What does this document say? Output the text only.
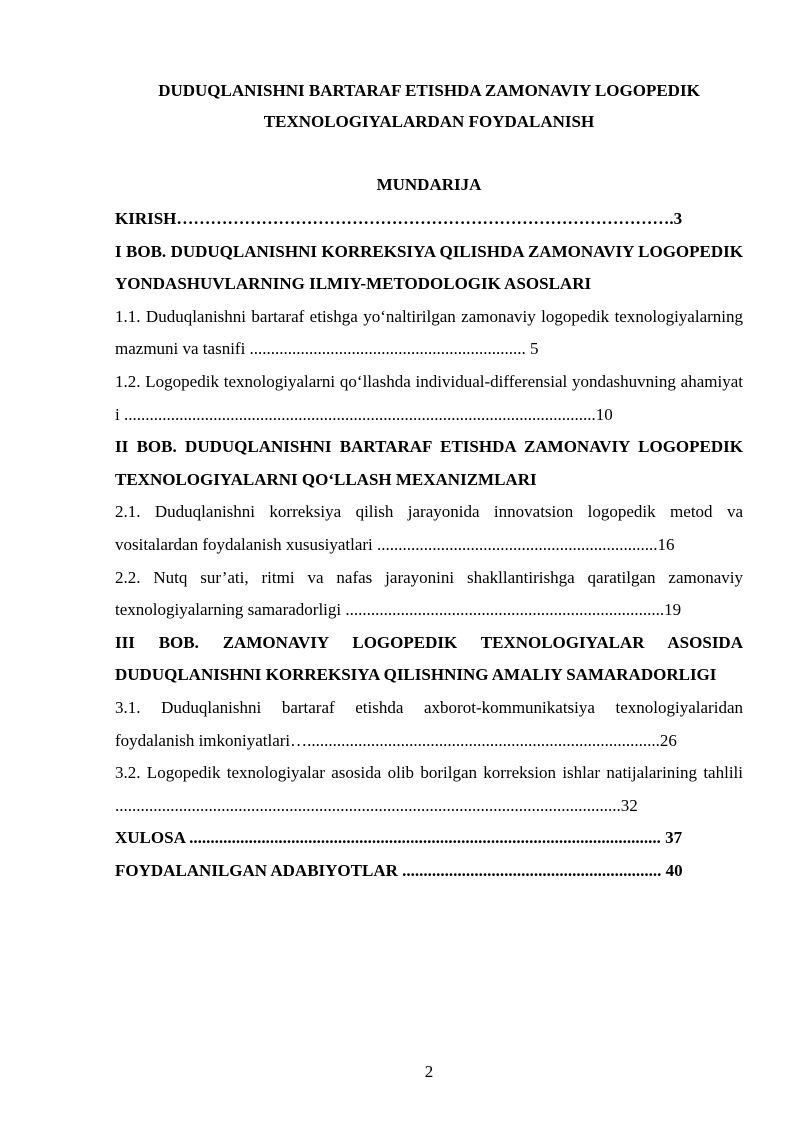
DUDUQLANISHNI BARTARAF ETISHDA ZAMONAVIY LOGOPEDIK TEXNOLOGIYALARDAN FOYDALANISH
MUNDARIJA
KIRISH…………………………………………………………………………….3
I BOB. DUDUQLANISHNI KORREKSIYA QILISHDA ZAMONAVIY LOGOPEDIK YONDASHUVLARNING ILMIY-METODOLOGIK ASOSLARI
1.1. Duduqlanishni bartaraf etishga yo‘naltirilgan zamonaviy logopedik texnologiyalarning mazmuni va tasnifi ................................................................. 5
1.2. Logopedik texnologiyalarni qo‘llashda individual-differensial yondashuvning ahamiyati ...............................................................................................................10
II BOB. DUDUQLANISHNI BARTARAF ETISHDA ZAMONAVIY LOGOPEDIK TEXNOLOGIYALARNI QO‘LLASH MEXANIZMLARI
2.1. Duduqlanishni korreksiya qilish jarayonida innovatsion logopedik metod va vositalardan foydalanish xususiyatlari ..................................................................16
2.2. Nutq sur’ati, ritmi va nafas jarayonini shakllantirishga qaratilgan zamonaviy texnologiyalarning samaradorligi ...........................................................................19
III BOB. ZAMONAVIY LOGOPEDIK TEXNOLOGIYALAR ASOSIDA DUDUQLANISHNI KORREKSIYA QILISHNING AMALIY SAMARADORLIGI
3.1. Duduqlanishni bartaraf etishda axborot-kommunikatsiya texnologiyalaridan foydalanish imkoniyatlari…...................................................................................26
3.2. Logopedik texnologiyalar asosida olib borilgan korreksion ishlar natijalarining tahlili .......................................................................................................................32
XULOSA ............................................................................................................... 37
FOYDALANILGAN ADABIYOTLAR ............................................................. 40
2
